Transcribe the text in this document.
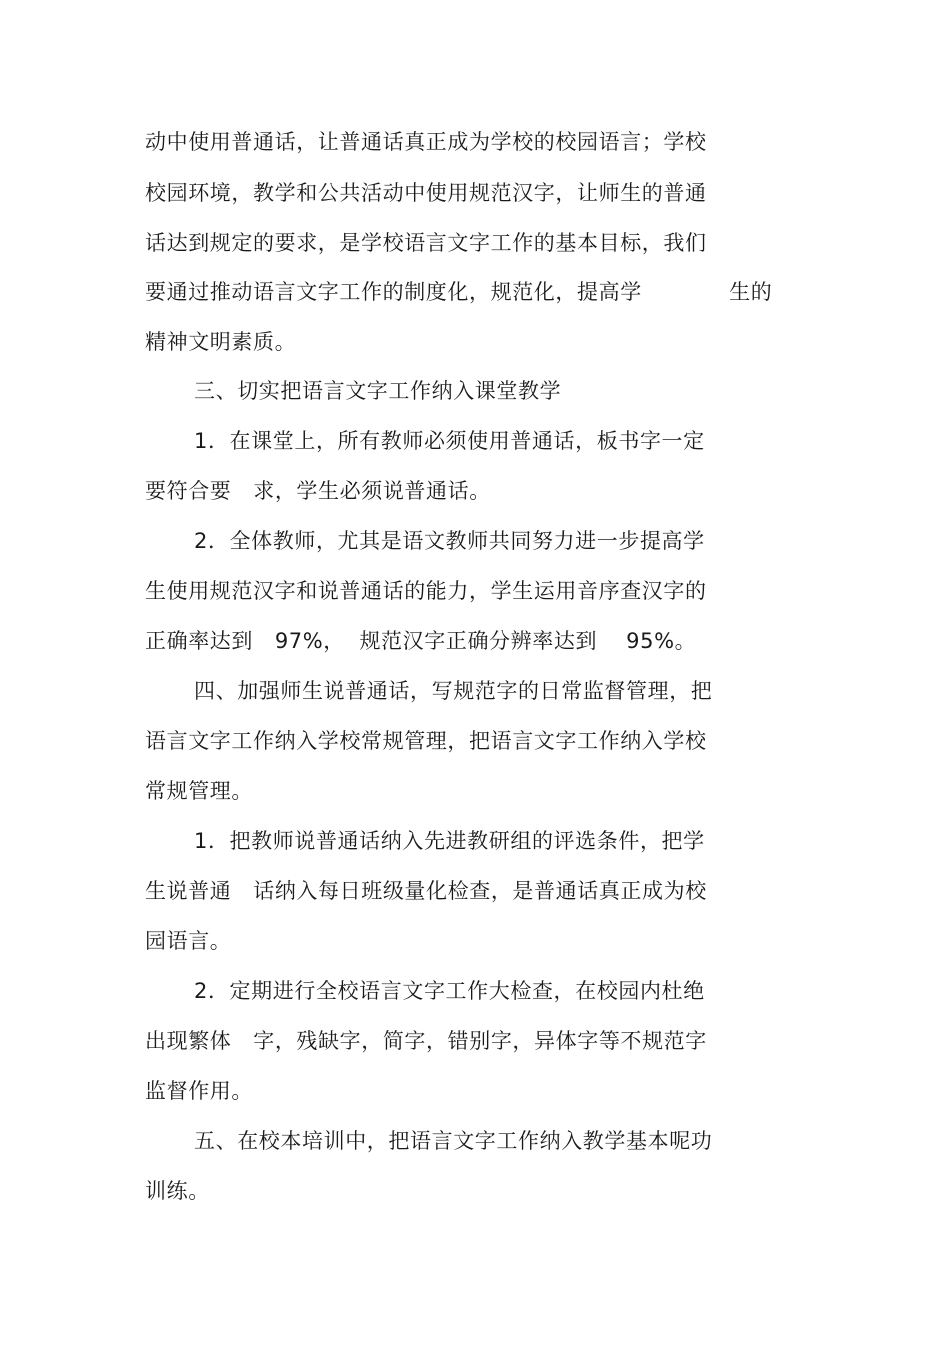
动中使用普通话，让普通话真正成为学校的校园语言；学校
校园环境，教学和公共活动中使用规范汉字，让师生的普通
话达到规定的要求，是学校语言文字工作的基本目标，我们
要通过推动语言文字工作的制度化，规范化，提高学            生的
精神文明素质。
三、切实把语言文字工作纳入课堂教学
1．在课堂上，所有教师必须使用普通话，板书字一定
要符合要   求，学生必须说普通话。
2．全体教师，尤其是语文教师共同努力进一步提高学
生使用规范汉字和说普通话的能力，学生运用音序查汉字的
正确率达到   97%，  规范汉字正确分辨率达到    95%。
四、加强师生说普通话，写规范字的日常监督管理，把
语言文字工作纳入学校常规管理，把语言文字工作纳入学校
常规管理。
1．把教师说普通话纳入先进教研组的评选条件，把学
生说普通   话纳入每日班级量化检查，是普通话真正成为校
园语言。
2．定期进行全校语言文字工作大检查，在校园内杜绝
出现繁体   字，残缺字，简字，错别字，异体字等不规范字
监督作用。
五、在校本培训中，把语言文字工作纳入教学基本呢功
训练。
